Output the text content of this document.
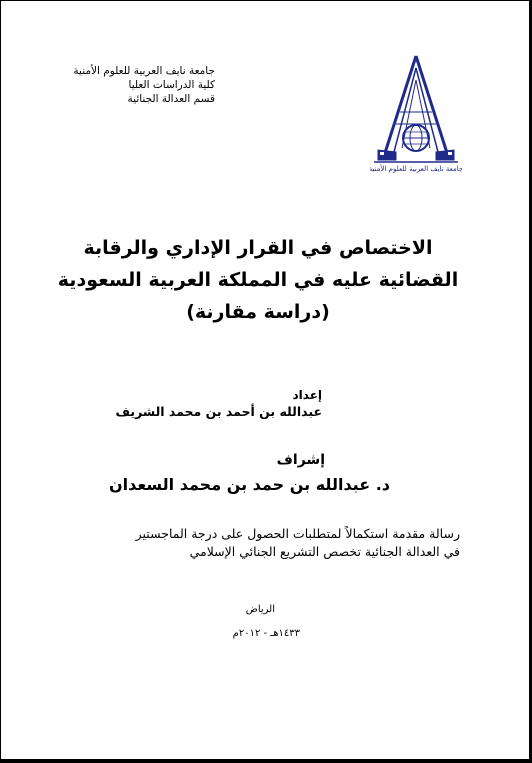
جامعة نايف العربية للعلوم الأمنية
جامعة نايف العربية للعلوم الأمنية
كلية الدراسات العليا
قسم العدالة الجنائية
الاختصاص في القرار الإداري والرقابة
القضائية عليه في المملكة العربية السعودية
(دراسة مقارنة)
إعداد
عبدالله بن أحمد بن محمد الشريف
إشراف
د. عبدالله بن حمد بن محمد السعدان
رسالة مقدمة استكمالاً لمتطلبات الحصول على درجة الماجستير
في العدالة الجنائية تخصص التشريع الجنائي الإسلامي
الرياض
١٤٣٣هـ - ٢٠١٢م
